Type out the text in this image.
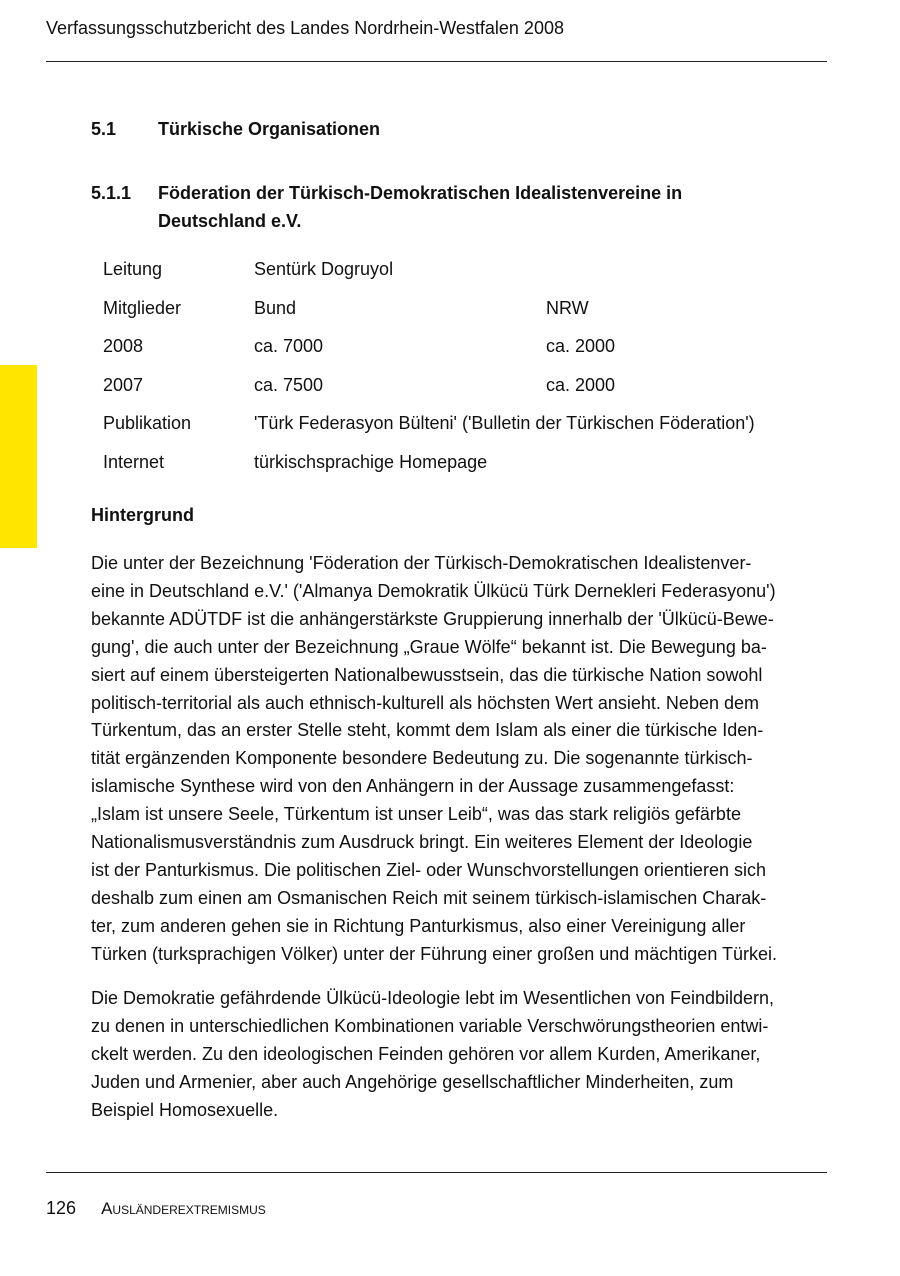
Verfassungsschutzbericht des Landes Nordrhein-Westfalen 2008
5.1 Türkische Organisationen
5.1.1 Föderation der Türkisch-Demokratischen Idealistenvereine in
Deutschland e.V.
Leitung	Sentürk Dogruyol
Mitglieder	Bund	NRW
2008	ca. 7000	ca. 2000
2007	ca. 7500	ca. 2000
Publikation	'Türk Federasyon Bülteni' ('Bulletin der Türkischen Föderation')
Internet	türkischsprachige Homepage
Hintergrund
Die unter der Bezeichnung 'Föderation der Türkisch-Demokratischen Idealistenver-
eine in Deutschland e.V.' ('Almanya Demokratik Ülkücü Türk Dernekleri Federasyonu')
bekannte ADÜTDF ist die anhängerstärkste Gruppierung innerhalb der 'Ülkücü-Bewe-
gung', die auch unter der Bezeichnung „Graue Wölfe“ bekannt ist. Die Bewegung ba-
siert auf einem übersteigerten Nationalbewusstsein, das die türkische Nation sowohl
politisch-territorial als auch ethnisch-kulturell als höchsten Wert ansieht. Neben dem
Türkentum, das an erster Stelle steht, kommt dem Islam als einer die türkische Iden-
tität ergänzenden Komponente besondere Bedeutung zu. Die sogenannte türkisch-
islamische Synthese wird von den Anhängern in der Aussage zusammengefasst:
„Islam ist unsere Seele, Türkentum ist unser Leib“, was das stark religiös gefärbte
Nationalismusverständnis zum Ausdruck bringt. Ein weiteres Element der Ideologie
ist der Panturkismus. Die politischen Ziel- oder Wunschvorstellungen orientieren sich
deshalb zum einen am Osmanischen Reich mit seinem türkisch-islamischen Charak-
ter, zum anderen gehen sie in Richtung Panturkismus, also einer Vereinigung aller
Türken (turksprachigen Völker) unter der Führung einer großen und mächtigen Türkei.
Die Demokratie gefährdende Ülkücü-Ideologie lebt im Wesentlichen von Feindbildern,
zu denen in unterschiedlichen Kombinationen variable Verschwörungstheorien entwi-
ckelt werden. Zu den ideologischen Feinden gehören vor allem Kurden, Amerikaner,
Juden und Armenier, aber auch Angehörige gesellschaftlicher Minderheiten, zum
Beispiel Homosexuelle.
126 Ausländerextremismus
